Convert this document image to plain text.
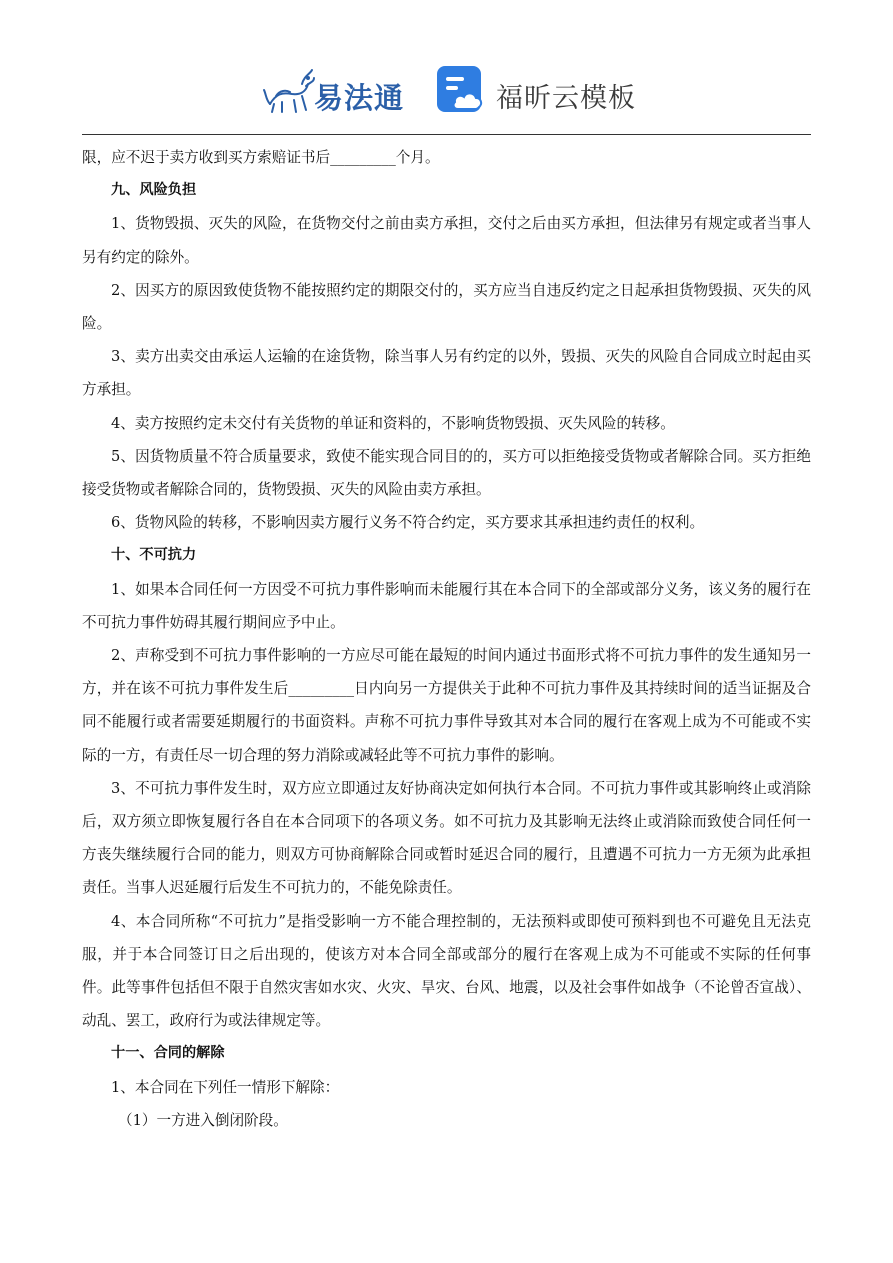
易法通	福昕云模板

限，应不迟于卖方收到买方索赔证书后_________个月。

九、风险负担

1、货物毁损、灭失的风险，在货物交付之前由卖方承担，交付之后由买方承担，但法律另有规定或者当事人另有约定的除外。

2、因买方的原因致使货物不能按照约定的期限交付的，买方应当自违反约定之日起承担货物毁损、灭失的风险。

3、卖方出卖交由承运人运输的在途货物，除当事人另有约定的以外，毁损、灭失的风险自合同成立时起由买方承担。

4、卖方按照约定未交付有关货物的单证和资料的，不影响货物毁损、灭失风险的转移。

5、因货物质量不符合质量要求，致使不能实现合同目的的，买方可以拒绝接受货物或者解除合同。买方拒绝接受货物或者解除合同的，货物毁损、灭失的风险由卖方承担。

6、货物风险的转移，不影响因卖方履行义务不符合约定，买方要求其承担违约责任的权利。

十、不可抗力

1、如果本合同任何一方因受不可抗力事件影响而未能履行其在本合同下的全部或部分义务，该义务的履行在不可抗力事件妨碍其履行期间应予中止。

2、声称受到不可抗力事件影响的一方应尽可能在最短的时间内通过书面形式将不可抗力事件的发生通知另一方，并在该不可抗力事件发生后_________日内向另一方提供关于此种不可抗力事件及其持续时间的适当证据及合同不能履行或者需要延期履行的书面资料。声称不可抗力事件导致其对本合同的履行在客观上成为不可能或不实际的一方，有责任尽一切合理的努力消除或减轻此等不可抗力事件的影响。

3、不可抗力事件发生时，双方应立即通过友好协商决定如何执行本合同。不可抗力事件或其影响终止或消除后，双方须立即恢复履行各自在本合同项下的各项义务。如不可抗力及其影响无法终止或消除而致使合同任何一方丧失继续履行合同的能力，则双方可协商解除合同或暂时延迟合同的履行，且遭遇不可抗力一方无须为此承担责任。当事人迟延履行后发生不可抗力的，不能免除责任。

4、本合同所称“不可抗力”是指受影响一方不能合理控制的，无法预料或即使可预料到也不可避免且无法克服，并于本合同签订日之后出现的，使该方对本合同全部或部分的履行在客观上成为不可能或不实际的任何事件。此等事件包括但不限于自然灾害如水灾、火灾、旱灾、台风、地震，以及社会事件如战争（不论曾否宣战）、动乱、罢工，政府行为或法律规定等。

十一、合同的解除

1、本合同在下列任一情形下解除：

（1）一方进入倒闭阶段。
